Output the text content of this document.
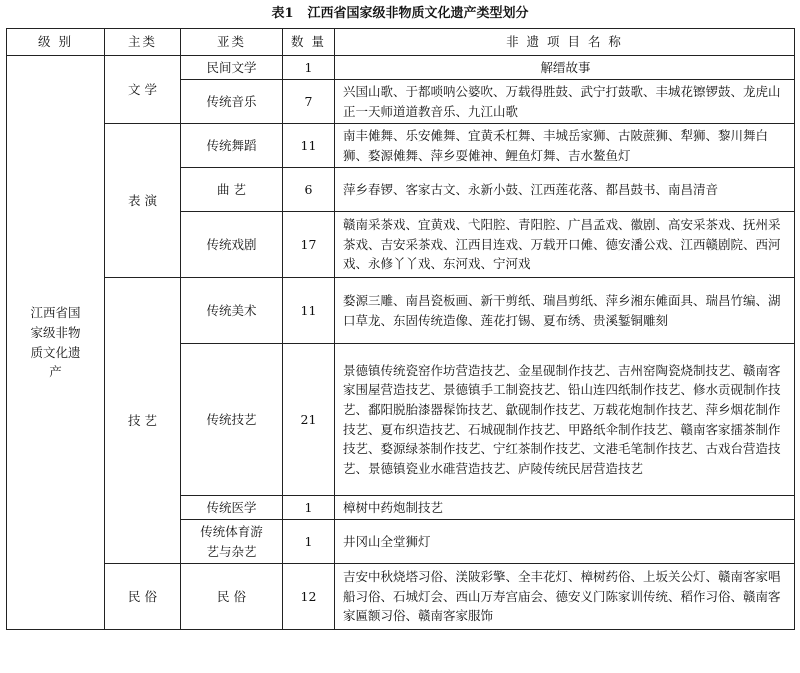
表1 江西省国家级非物质文化遗产类型划分
级 别	主类	亚类	数 量	非 遗 项 目 名 称

江西省国家级非物质文化遗产	文 学	民间文学	1	解缙故事
		传统音乐	7	兴国山歌、于都唢呐公婆吹、万载得胜鼓、武宁打鼓歌、丰城花镲锣鼓、龙虎山正一天师道道教音乐、九江山歌
	表 演	传统舞蹈	11	南丰傩舞、乐安傩舞、宜黄禾杠舞、丰城岳家狮、古陂蔗狮、犁狮、黎川舞白狮、婺源傩舞、萍乡耍傩神、鲤鱼灯舞、吉水鳌鱼灯
		曲 艺	6	萍乡春锣、客家古文、永新小鼓、江西莲花落、都昌鼓书、南昌清音
		传统戏剧	17	赣南采茶戏、宜黄戏、弋阳腔、青阳腔、广昌孟戏、徽剧、高安采茶戏、抚州采茶戏、吉安采茶戏、江西目连戏、万载开口傩、德安潘公戏、江西赣剧院、西河戏、永修丫丫戏、东河戏、宁河戏
	技 艺	传统美术	11	婺源三雕、南昌瓷板画、新干剪纸、瑞昌剪纸、萍乡湘东傩面具、瑞昌竹编、湖口草龙、东固传统造像、莲花打锡、夏布绣、贵溪錾铜雕刻
		传统技艺	21	景德镇传统瓷窑作坊营造技艺、金星砚制作技艺、吉州窑陶瓷烧制技艺、赣南客家围屋营造技艺、景德镇手工制瓷技艺、铅山连四纸制作技艺、修水贡砚制作技艺、鄱阳脱胎漆器髹饰技艺、歙砚制作技艺、万载花炮制作技艺、萍乡烟花制作技艺、夏布织造技艺、石城砚制作技艺、甲路纸伞制作技艺、赣南客家擂茶制作技艺、婺源绿茶制作技艺、宁红茶制作技艺、文港毛笔制作技艺、古戏台营造技艺、景德镇瓷业水碓营造技艺、庐陵传统民居营造技艺
		传统医学	1	樟树中药炮制技艺

		传统体育游艺与杂艺	1	井冈山全堂狮灯
	民 俗	民 俗	12	吉安中秋烧塔习俗、渼陂彩擎、全丰花灯、樟树药俗、上坂关公灯、赣南客家唱船习俗、石城灯会、西山万寿宫庙会、德安义门陈家训传统、稻作习俗、赣南客家匾额习俗、赣南客家服饰
